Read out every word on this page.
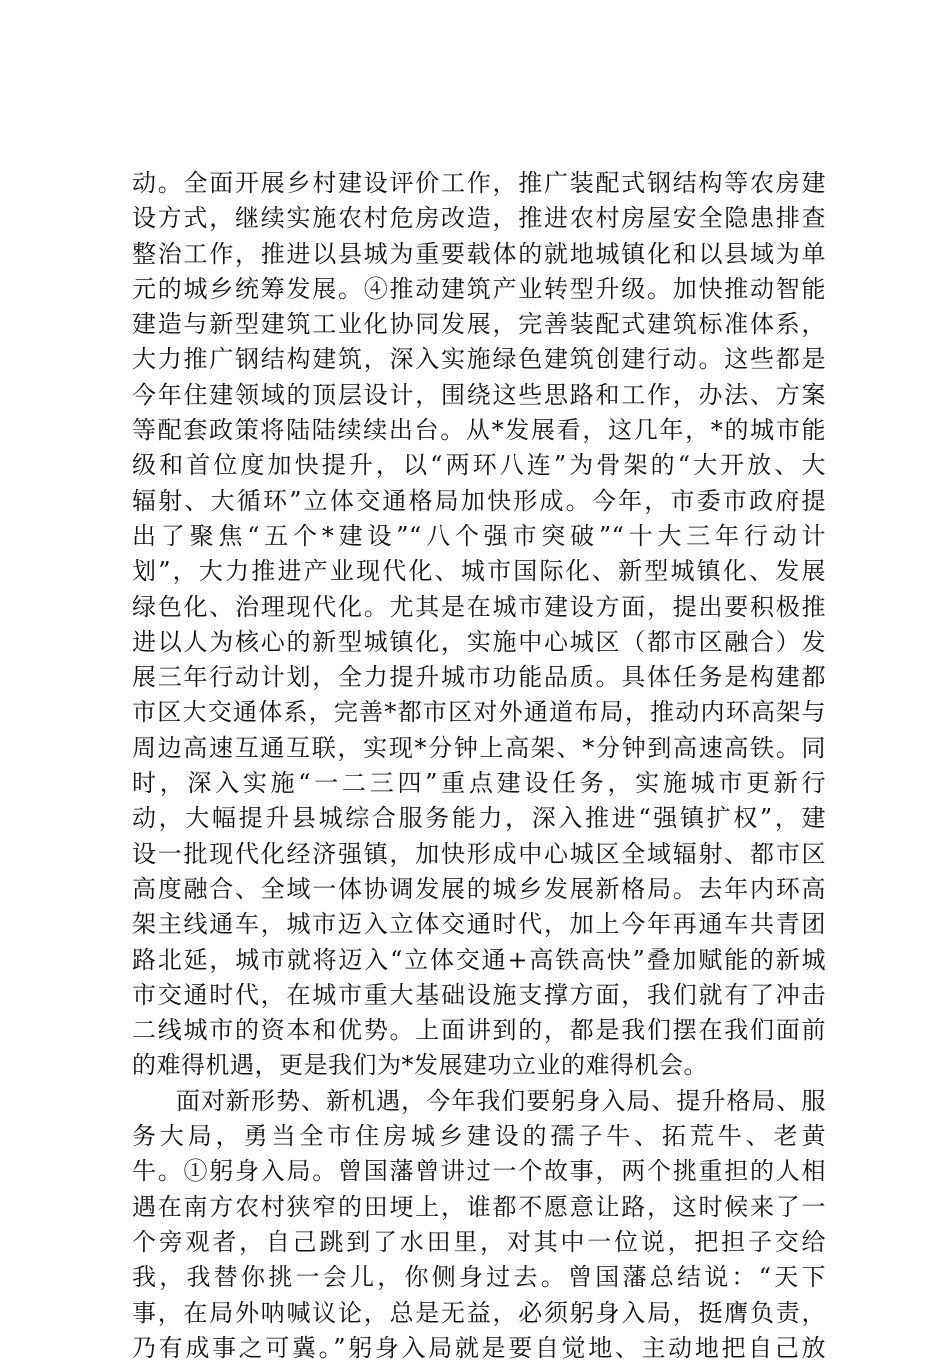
动。全面开展乡村建设评价工作，推广装配式钢结构等农房建
设方式，继续实施农村危房改造，推进农村房屋安全隐患排查
整治工作，推进以县城为重要载体的就地城镇化和以县域为单
元的城乡统筹发展。④推动建筑产业转型升级。加快推动智能
建造与新型建筑工业化协同发展，完善装配式建筑标准体系，
大力推广钢结构建筑，深入实施绿色建筑创建行动。这些都是
今年住建领域的顶层设计，围绕这些思路和工作，办法、方案
等配套政策将陆陆续续出台。从*发展看，这几年，*的城市能
级和首位度加快提升，以“两环八连”为骨架的“大开放、大
辐射、大循环”立体交通格局加快形成。今年，市委市政府提
出了聚焦“五个*建设”“八个强市突破”“十大三年行动计
划”，大力推进产业现代化、城市国际化、新型城镇化、发展
绿色化、治理现代化。尤其是在城市建设方面，提出要积极推
进以人为核心的新型城镇化，实施中心城区（都市区融合）发
展三年行动计划，全力提升城市功能品质。具体任务是构建都
市区大交通体系，完善*都市区对外通道布局，推动内环高架与
周边高速互通互联，实现*分钟上高架、*分钟到高速高铁。同
时，深入实施“一二三四”重点建设任务，实施城市更新行
动，大幅提升县城综合服务能力，深入推进“强镇扩权”，建
设一批现代化经济强镇，加快形成中心城区全域辐射、都市区
高度融合、全域一体协调发展的城乡发展新格局。去年内环高
架主线通车，城市迈入立体交通时代，加上今年再通车共青团
路北延，城市就将迈入“立体交通+高铁高快”叠加赋能的新城
市交通时代，在城市重大基础设施支撑方面，我们就有了冲击
二线城市的资本和优势。上面讲到的，都是我们摆在我们面前
的难得机遇，更是我们为*发展建功立业的难得机会。
面对新形势、新机遇，今年我们要躬身入局、提升格局、服
务大局，勇当全市住房城乡建设的孺子牛、拓荒牛、老黄
牛。①躬身入局。曾国藩曾讲过一个故事，两个挑重担的人相
遇在南方农村狭窄的田埂上，谁都不愿意让路，这时候来了一
个旁观者，自己跳到了水田里，对其中一位说，把担子交给
我，我替你挑一会儿，你侧身过去。曾国藩总结说：“天下
事，在局外呐喊议论，总是无益，必须躬身入局，挺膺负责，
乃有成事之可冀。”躬身入局就是要自觉地、主动地把自己放
